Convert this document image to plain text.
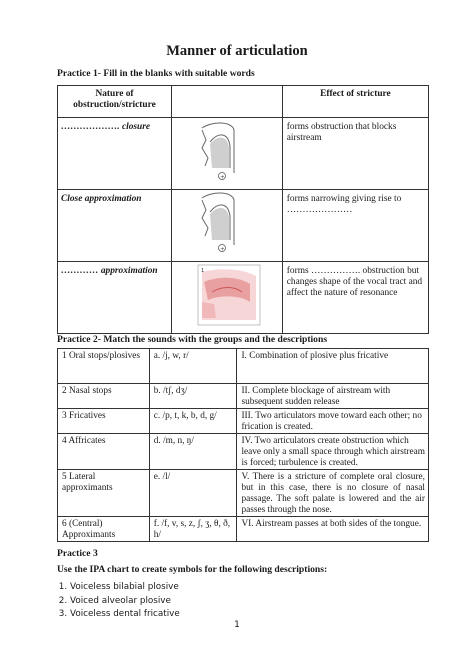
Manner of articulation
Practice 1- Fill in the blanks with suitable words
Nature of obstruction/stricture		Effect of stricture
………………. closure	+	forms obstruction that blocks airstream
Close approximation	+	forms narrowing giving rise to …………………
………… approximation	1	forms ……………. obstruction but changes shape of the vocal tract and affect the nature of resonance
Practice 2- Match the sounds with the groups and the descriptions
1 Oral stops/plosives	a. /j, w, r/	I. Combination of plosive plus fricative
2 Nasal stops	b. /tʃ, dʒ/	II. Complete blockage of airstream with subsequent sudden release
3 Fricatives	c. /p, t, k, b, d, g/	III. Two articulators move toward each other; no frication is created.
4 Affricates	d. /m, n, ŋ/	IV. Two articulators create obstruction which leave only a small space through which airstream is forced; turbulence is created.
5 Lateral approximants	e. /l/	V. There is a stricture of complete oral closure, but in this case, there is no closure of nasal passage. The soft palate is lowered and the air passes through the nose.
6 (Central) Approximants	f. /f, v, s, z, ʃ, ʒ, θ, ð, h/	VI. Airstream passes at both sides of the tongue.
Practice 3
Use the IPA chart to create symbols for the following descriptions:
1. Voiceless bilabial plosive
2. Voiced alveolar plosive
3. Voiceless dental fricative
1
